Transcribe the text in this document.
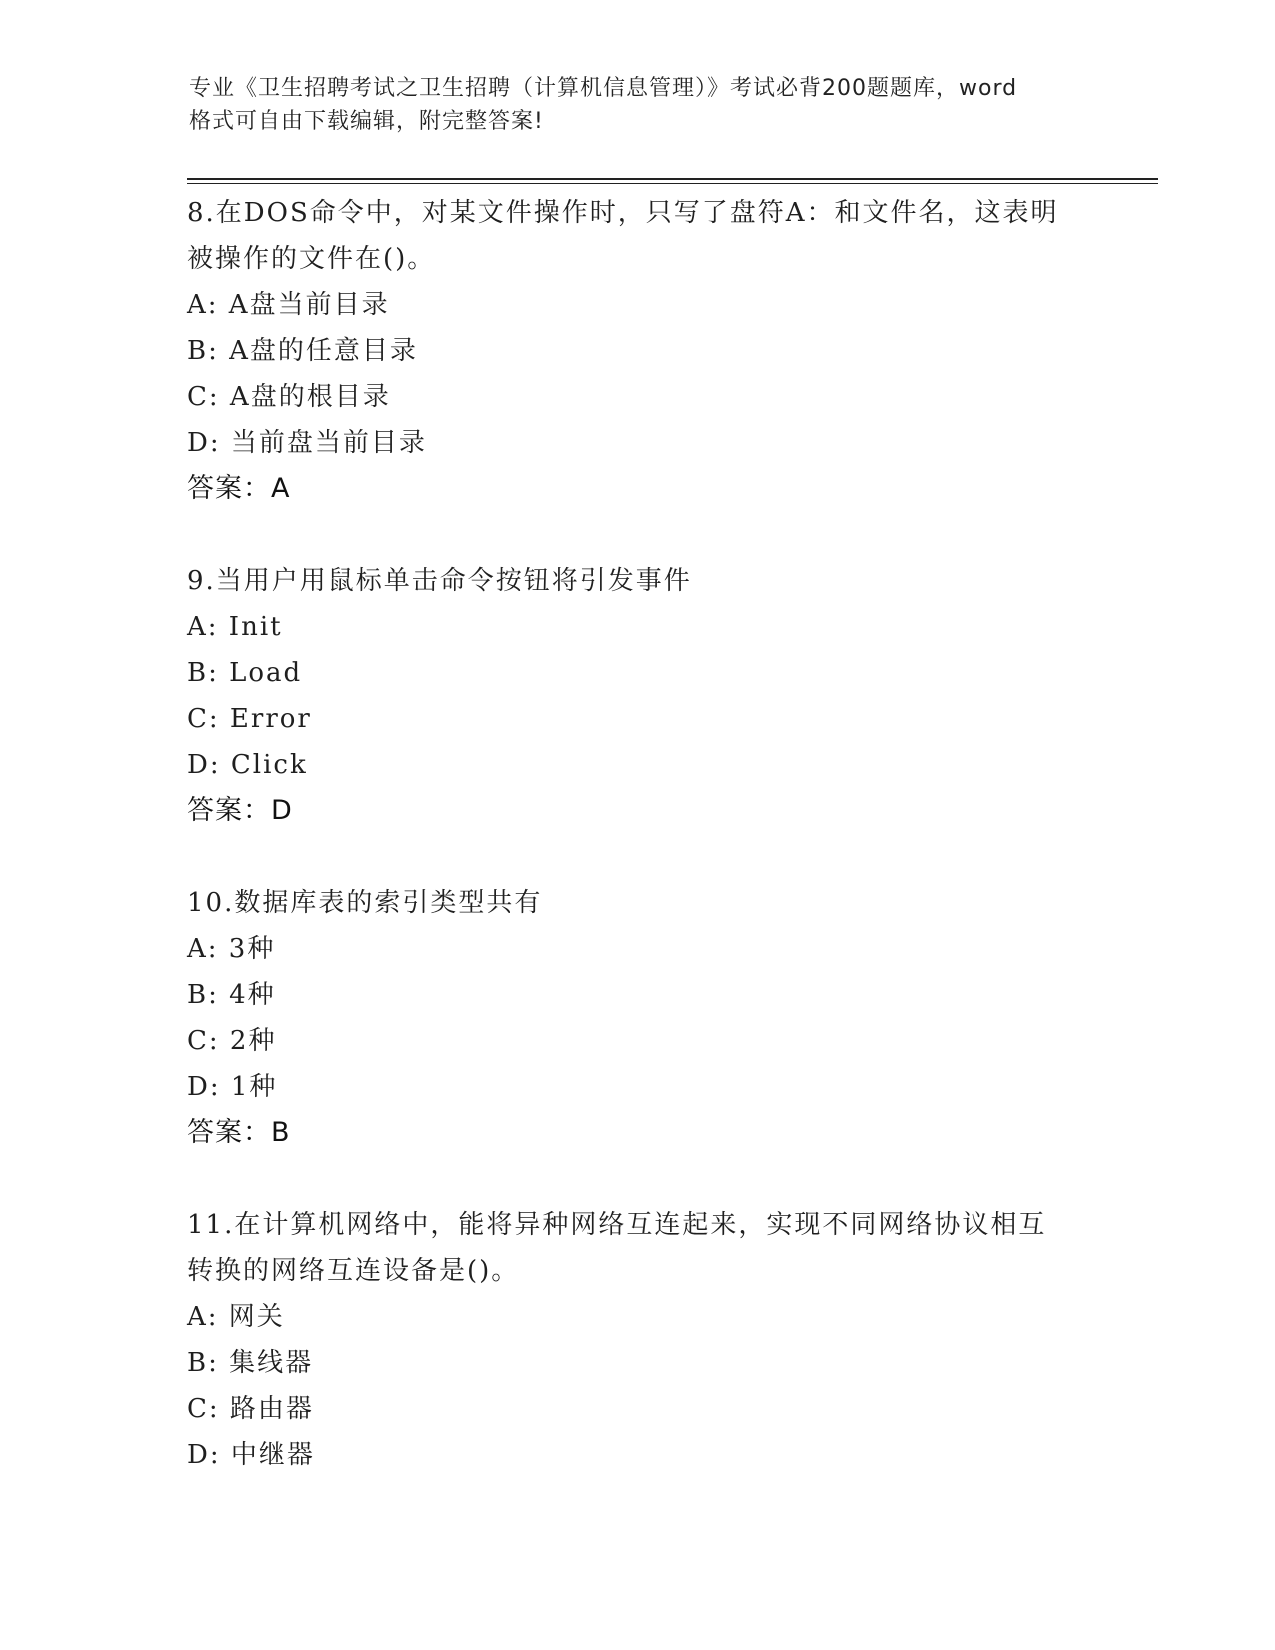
专业《卫生招聘考试之卫生招聘（计算机信息管理）》考试必背200题题库，word
格式可自由下载编辑，附完整答案!
8.在DOS命令中，对某文件操作时，只写了盘符A：和文件名，这表明
被操作的文件在()。
A: A盘当前目录
B: A盘的任意目录
C: A盘的根目录
D: 当前盘当前目录
答案：A
9.当用户用鼠标单击命令按钮将引发事件
A: Init
B: Load
C: Error
D: Click
答案：D
10.数据库表的索引类型共有
A: 3种
B: 4种
C: 2种
D: 1种
答案：B
11.在计算机网络中，能将异种网络互连起来，实现不同网络协议相互
转换的网络互连设备是()。
A: 网关
B: 集线器
C: 路由器
D: 中继器
